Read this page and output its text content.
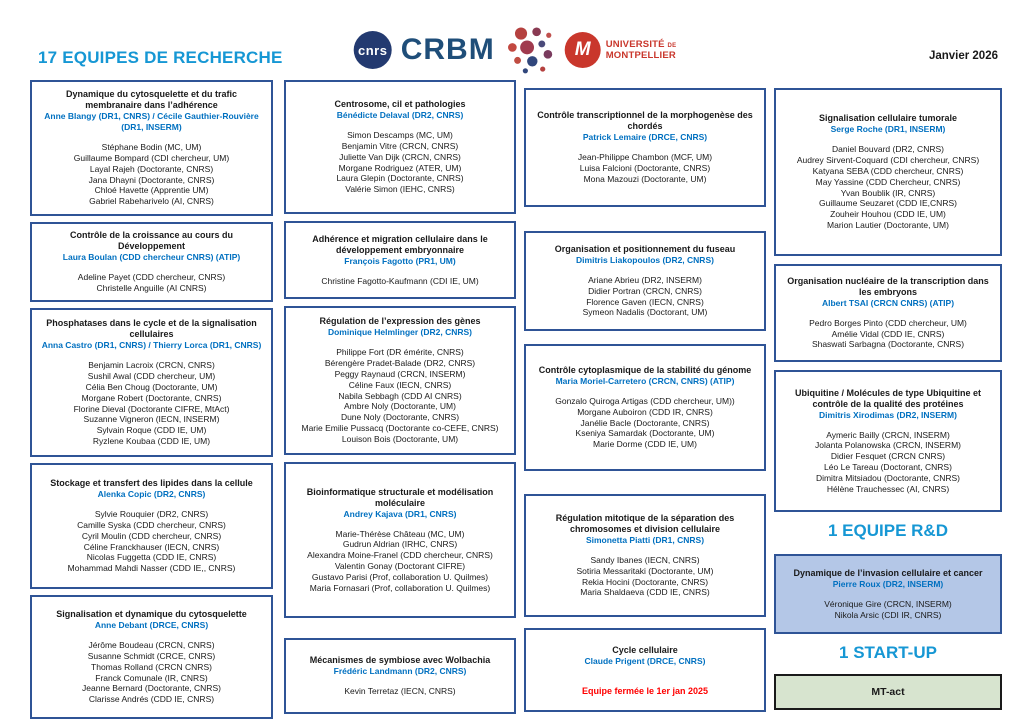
17 EQUIPES DE RECHERCHE	cnrs CRBM	M	UNIVERSITÉ DE
MONTPELLIER	Janvier 2026
Dynamique du cytosquelette et du trafic membranaire dans l’adhérence
Anne Blangy (DR1, CNRS) / Cécile Gauthier-Rouvière (DR1, INSERM)
Stéphane Bodin (MC, UM)
Guillaume Bompard (CDI chercheur, UM)
Layal Rajeh (Doctorante, CNRS)
Jana Dhayni (Doctorante, CNRS)
Chloé Havette (Apprentie UM)
Gabriel Rabeharivelo (AI, CNRS)
Contrôle de la croissance au cours du Développement
Laura Boulan (CDD chercheur CNRS) (ATIP)
Adeline Payet (CDD chercheur, CNRS)
Christelle Anguille (AI CNRS)
Phosphatases dans le cycle et de la signalisation cellulaires
Anna Castro (DR1, CNRS) / Thierry Lorca (DR1, CNRS)
Benjamin Lacroix (CRCN, CNRS)
Sushil Awal (CDD chercheur, UM)
Célia Ben Choug (Doctorante, UM)
Morgane Robert (Doctorante, CNRS)
Florine Dieval (Doctorante CIFRE, MtAct)
Suzanne Vigneron (IECN, INSERM)
Sylvain Roque (CDD IE, UM)
Ryzlene Koubaa (CDD IE, UM)
Stockage et transfert des lipides dans la cellule
Alenka Copic (DR2, CNRS)
Sylvie Rouquier (DR2, CNRS)
Camille Syska (CDD chercheur, CNRS)
Cyril Moulin (CDD chercheur, CNRS)
Céline Franckhauser (IECN, CNRS)
Nicolas Fuggetta (CDD IE, CNRS)
Mohammad Mahdi Nasser (CDD IE,, CNRS)
Signalisation et dynamique du cytosquelette
Anne Debant (DRCE, CNRS)
Jérôme Boudeau (CRCN, CNRS)
Susanne Schmidt (CRCE, CNRS)
Thomas Rolland (CRCN CNRS)
Franck Comunale (IR, CNRS)
Jeanne Bernard (Doctorante, CNRS)
Clarisse Andrés (CDD IE, CNRS)
Centrosome, cil et pathologies
Bénédicte Delaval (DR2, CNRS)
Simon Descamps (MC, UM)
Benjamin Vitre (CRCN, CNRS)
Juliette Van Dijk (CRCN, CNRS)
Morgane Rodriguez (ATER, UM)
Laura Glepin (Doctorante, CNRS)
Valérie Simon (IEHC, CNRS)
Adhérence et migration cellulaire dans le développement embryonnaire
François Fagotto (PR1, UM)
Christine Fagotto-Kaufmann (CDI IE, UM)
Régulation de l’expression des gènes
Dominique Helmlinger (DR2, CNRS)
Philippe Fort (DR émérite, CNRS)
Bérengère Pradet-Balade (DR2, CNRS)
Peggy Raynaud (CRCN, INSERM)
Céline Faux (IECN, CNRS)
Nabila Sebbagh (CDD AI CNRS)
Ambre Noly (Doctorante, UM)
Dune Noly (Doctorante, CNRS)
Marie Emilie Pussacq (Doctorante co-CEFE, CNRS)
Louison Bois (Doctorante, UM)
Bioinformatique structurale et modélisation moléculaire
Andrey Kajava (DR1, CNRS)
Marie-Thérèse Château (MC, UM)
Gudrun Aldrian (IRHC, CNRS)
Alexandra Moine-Franel (CDD chercheur, CNRS)
Valentin Gonay (Doctorant CIFRE)
Gustavo Parisi (Prof, collaboration U. Quilmes)
Maria Fornasari (Prof, collaboration U. Quilmes)
Mécanismes de symbiose avec Wolbachia
Frédéric Landmann (DR2, CNRS)
Kevin Terretaz (IECN, CNRS)
Contrôle transcriptionnel de la morphogenèse des chordés
Patrick Lemaire (DRCE, CNRS)
Jean-Philippe Chambon (MCF, UM)
Luisa Falcioni (Doctorante, CNRS)
Mona Mazouzi (Doctorante, UM)
Organisation et positionnement du fuseau
Dimitris Liakopoulos (DR2, CNRS)
Ariane Abrieu (DR2, INSERM)
Didier Portran (CRCN, CNRS)
Florence Gaven (IECN, CNRS)
Symeon Nadalis (Doctorant, UM)
Contrôle cytoplasmique de la stabilité du génome
Maria Moriel-Carretero (CRCN, CNRS) (ATIP)
Gonzalo Quiroga Artigas (CDD chercheur, UM))
Morgane Auboiron (CDD IR, CNRS)
Janélie Bacle (Doctorante, CNRS)
Kseniya Samardak (Doctorante, UM)
Marie Dorme (CDD IE, UM)
Régulation mitotique de la séparation des chromosomes et division cellulaire
Simonetta Piatti (DR1, CNRS)
Sandy Ibanes (IECN, CNRS)
Sotiria Messaritaki (Doctorante, UM)
Rekia Hocini (Doctorante, CNRS)
Maria Shaldaeva (CDD IE, CNRS)
Cycle cellulaire
Claude Prigent (DRCE, CNRS)
Equipe fermée le 1er jan 2025
Signalisation cellulaire tumorale
Serge Roche (DR1, INSERM)
Daniel Bouvard (DR2, CNRS)
Audrey Sirvent-Coquard (CDI chercheur, CNRS)
Katyana SEBA (CDD chercheur, CNRS)
May Yassine (CDD Chercheur, CNRS)
Yvan Boublik (IR, CNRS)
Guillaume Seuzaret (CDD IE,CNRS)
Zouheir Houhou (CDD IE, UM)
Marion Lautier (Doctorante, UM)
Organisation nucléaire de la transcription dans les embryons
Albert TSAI (CRCN CNRS) (ATIP)
Pedro Borges Pinto (CDD chercheur, UM)
Amélie Vidal (CDD IE, CNRS)
Shaswati Sarbagna (Doctorante, CNRS)
Ubiquitine / Molécules de type Ubiquitine et contrôle de la qualité des protéines
Dimitris Xirodimas (DR2, INSERM)
Aymeric Bailly (CRCN, INSERM)
Jolanta Polanowska (CRCN, INSERM)
Didier Fesquet (CRCN CNRS)
Léo Le Tareau (Doctorant, CNRS)
Dimitra Mitsiadou (Doctorante, CNRS)
Hélène Trauchessec (AI, CNRS)
1 EQUIPE R&D
Dynamique de l’invasion cellulaire et cancer
Pierre Roux (DR2, INSERM)
Véronique Gire (CRCN, INSERM)
Nikola Arsic (CDI IR, CNRS)
1 START-UP
MT-act
